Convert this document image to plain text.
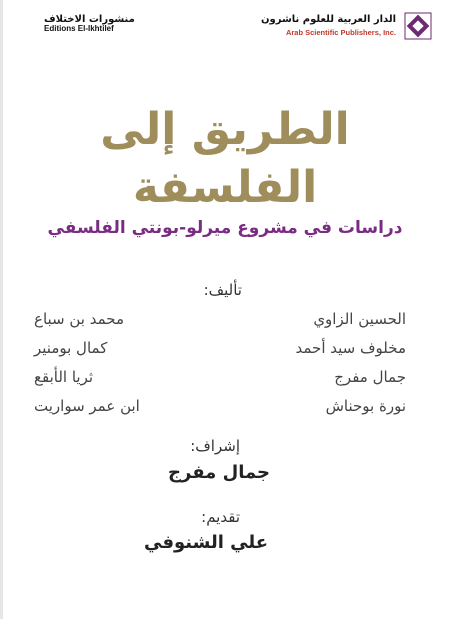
منشورات الاختلاف
Editions El-Ikhtilef
الدار العربية للعلوم ناشرون
Arab Scientific Publishers, Inc.
الطريق إلى
الفلسفة
دراسات في مشروع ميرلو-بونتي الفلسفي
تأليف:
الحسين الزاوي
محمد بن سباع
مخلوف سيد أحمد
كمال بومنير
جمال مفرج
ثريا الأبقع
نورة بوحناش
ابن عمر سواريت
إشراف:
جمال مفرج
تقديم:
علي الشنوفي
